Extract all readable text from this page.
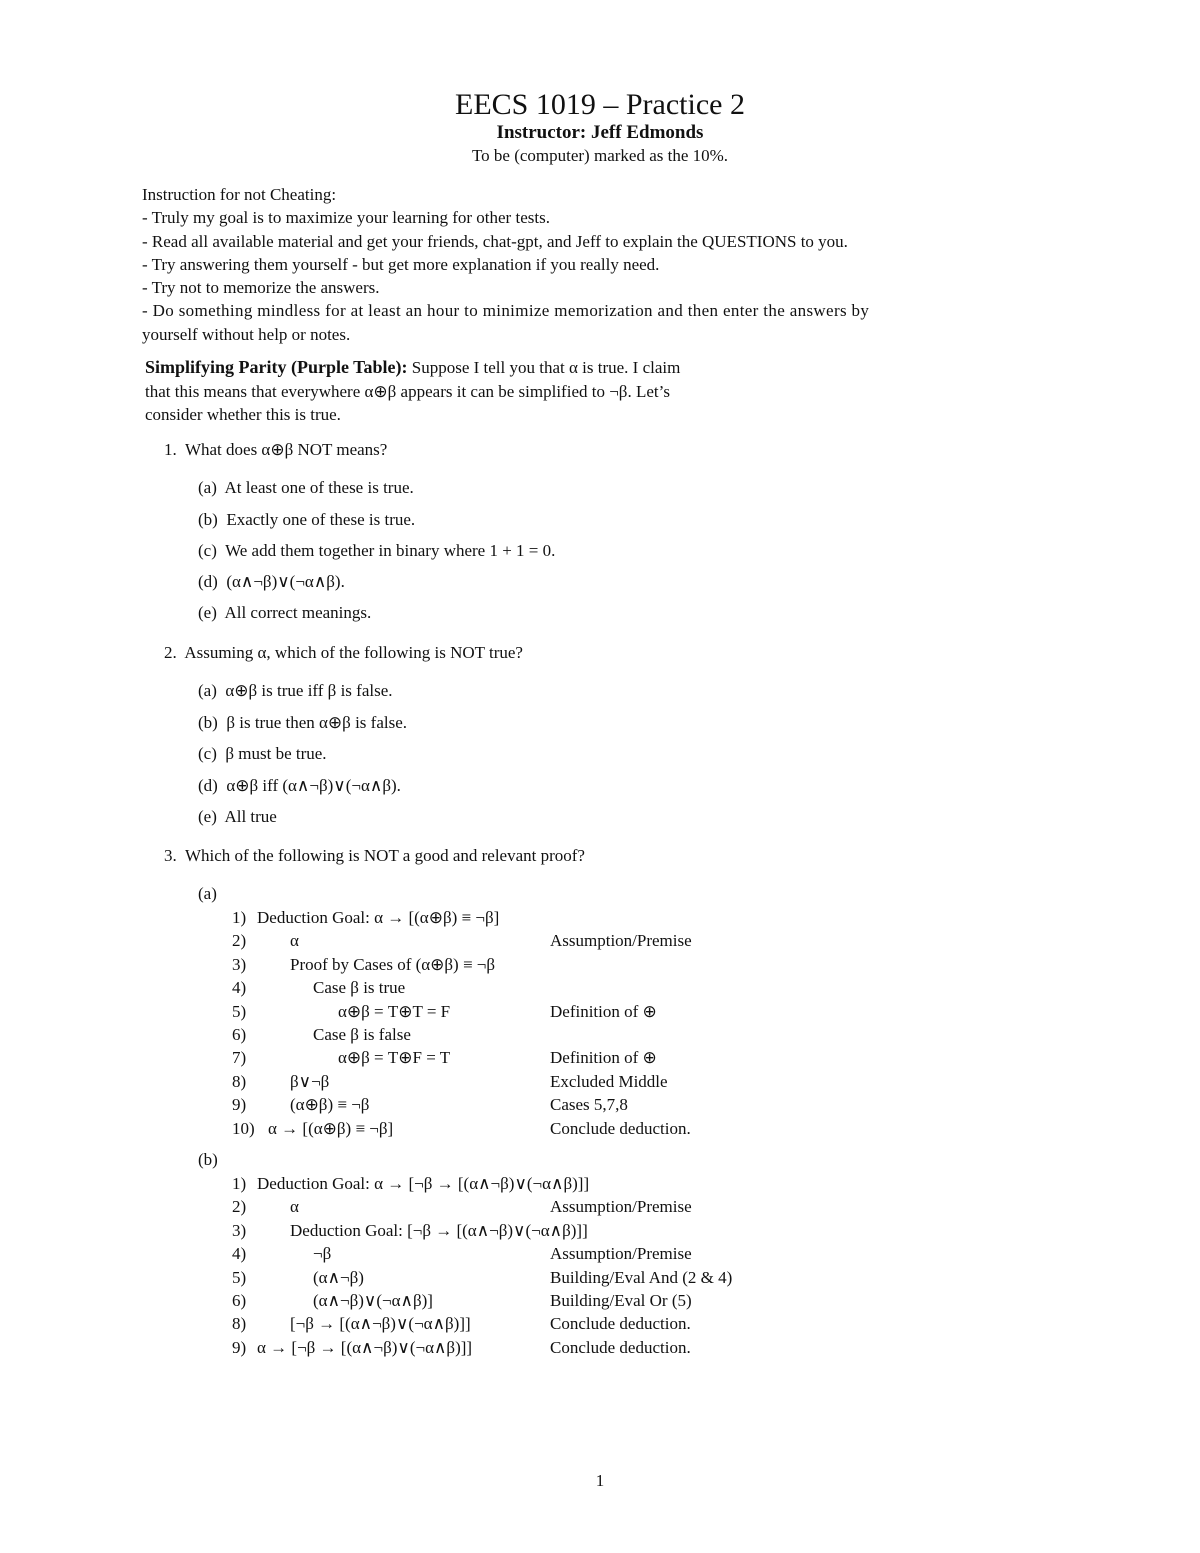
EECS 1019 – Practice 2
Instructor: Jeff Edmonds
To be (computer) marked as the 10%.
Instruction for not Cheating:
- Truly my goal is to maximize your learning for other tests.
- Read all available material and get your friends, chat-gpt, and Jeff to explain the QUESTIONS to you.
- Try answering them yourself - but get more explanation if you really need.
- Try not to memorize the answers.
- Do something mindless for at least an hour to minimize memorization and then enter the answers by
yourself without help or notes.
Simplifying Parity (Purple Table): Suppose I tell you that α is true. I claim
that this means that everywhere α⊕β appears it can be simplified to ¬β. Let’s
consider whether this is true.
1. What does α⊕β NOT means?
(a) At least one of these is true.
(b) Exactly one of these is true.
(c) We add them together in binary where 1 + 1 = 0.
(d) (α∧¬β)∨(¬α∧β).
(e) All correct meanings.
2. Assuming α, which of the following is NOT true?
(a) α⊕β is true iff β is false.
(b) β is true then α⊕β is false.
(c) β must be true.
(d) α⊕β iff (α∧¬β)∨(¬α∧β).
(e) All true
3. Which of the following is NOT a good and relevant proof?
(a)
1) Deduction Goal: α → [(α⊕β) ≡ ¬β]
2)	α	Assumption/Premise
3)	Proof by Cases of (α⊕β) ≡ ¬β
4)	Case β is true
5)	α⊕β = T⊕T = F	Definition of ⊕
6)	Case β is false
7)	α⊕β = T⊕F = T	Definition of ⊕
8)	β∨¬β	Excluded Middle
9)	(α⊕β) ≡ ¬β	Cases 5,7,8
10) α → [(α⊕β) ≡ ¬β]	Conclude deduction.
(b)
1) Deduction Goal: α → [¬β → [(α∧¬β)∨(¬α∧β)]]
2)	α	Assumption/Premise
3)	Deduction Goal: [¬β → [(α∧¬β)∨(¬α∧β)]]
4)	¬β	Assumption/Premise
5)	(α∧¬β)	Building/Eval And (2 & 4)
6)	(α∧¬β)∨(¬α∧β)]	Building/Eval Or (5)
8)	[¬β → [(α∧¬β)∨(¬α∧β)]]	Conclude deduction.
9) α → [¬β → [(α∧¬β)∨(¬α∧β)]]	Conclude deduction.
1
